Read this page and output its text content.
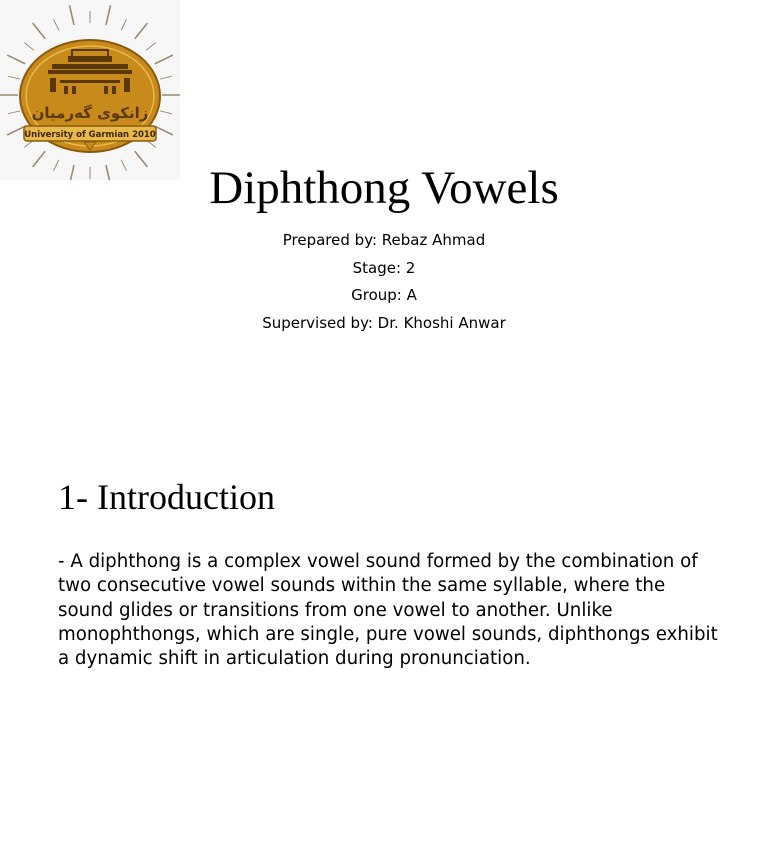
زانكوى گەرميان
University of Garmian 2010
Diphthong Vowels
Prepared by: Rebaz Ahmad
Stage: 2
Group: A
Supervised by: Dr. Khoshi Anwar
1- Introduction
- A diphthong is a complex vowel sound formed by the combination of two consecutive vowel sounds within the same syllable, where the sound glides or transitions from one vowel to another. Unlike monophthongs, which are single, pure vowel sounds, diphthongs exhibit a dynamic shift in articulation during pronunciation.
